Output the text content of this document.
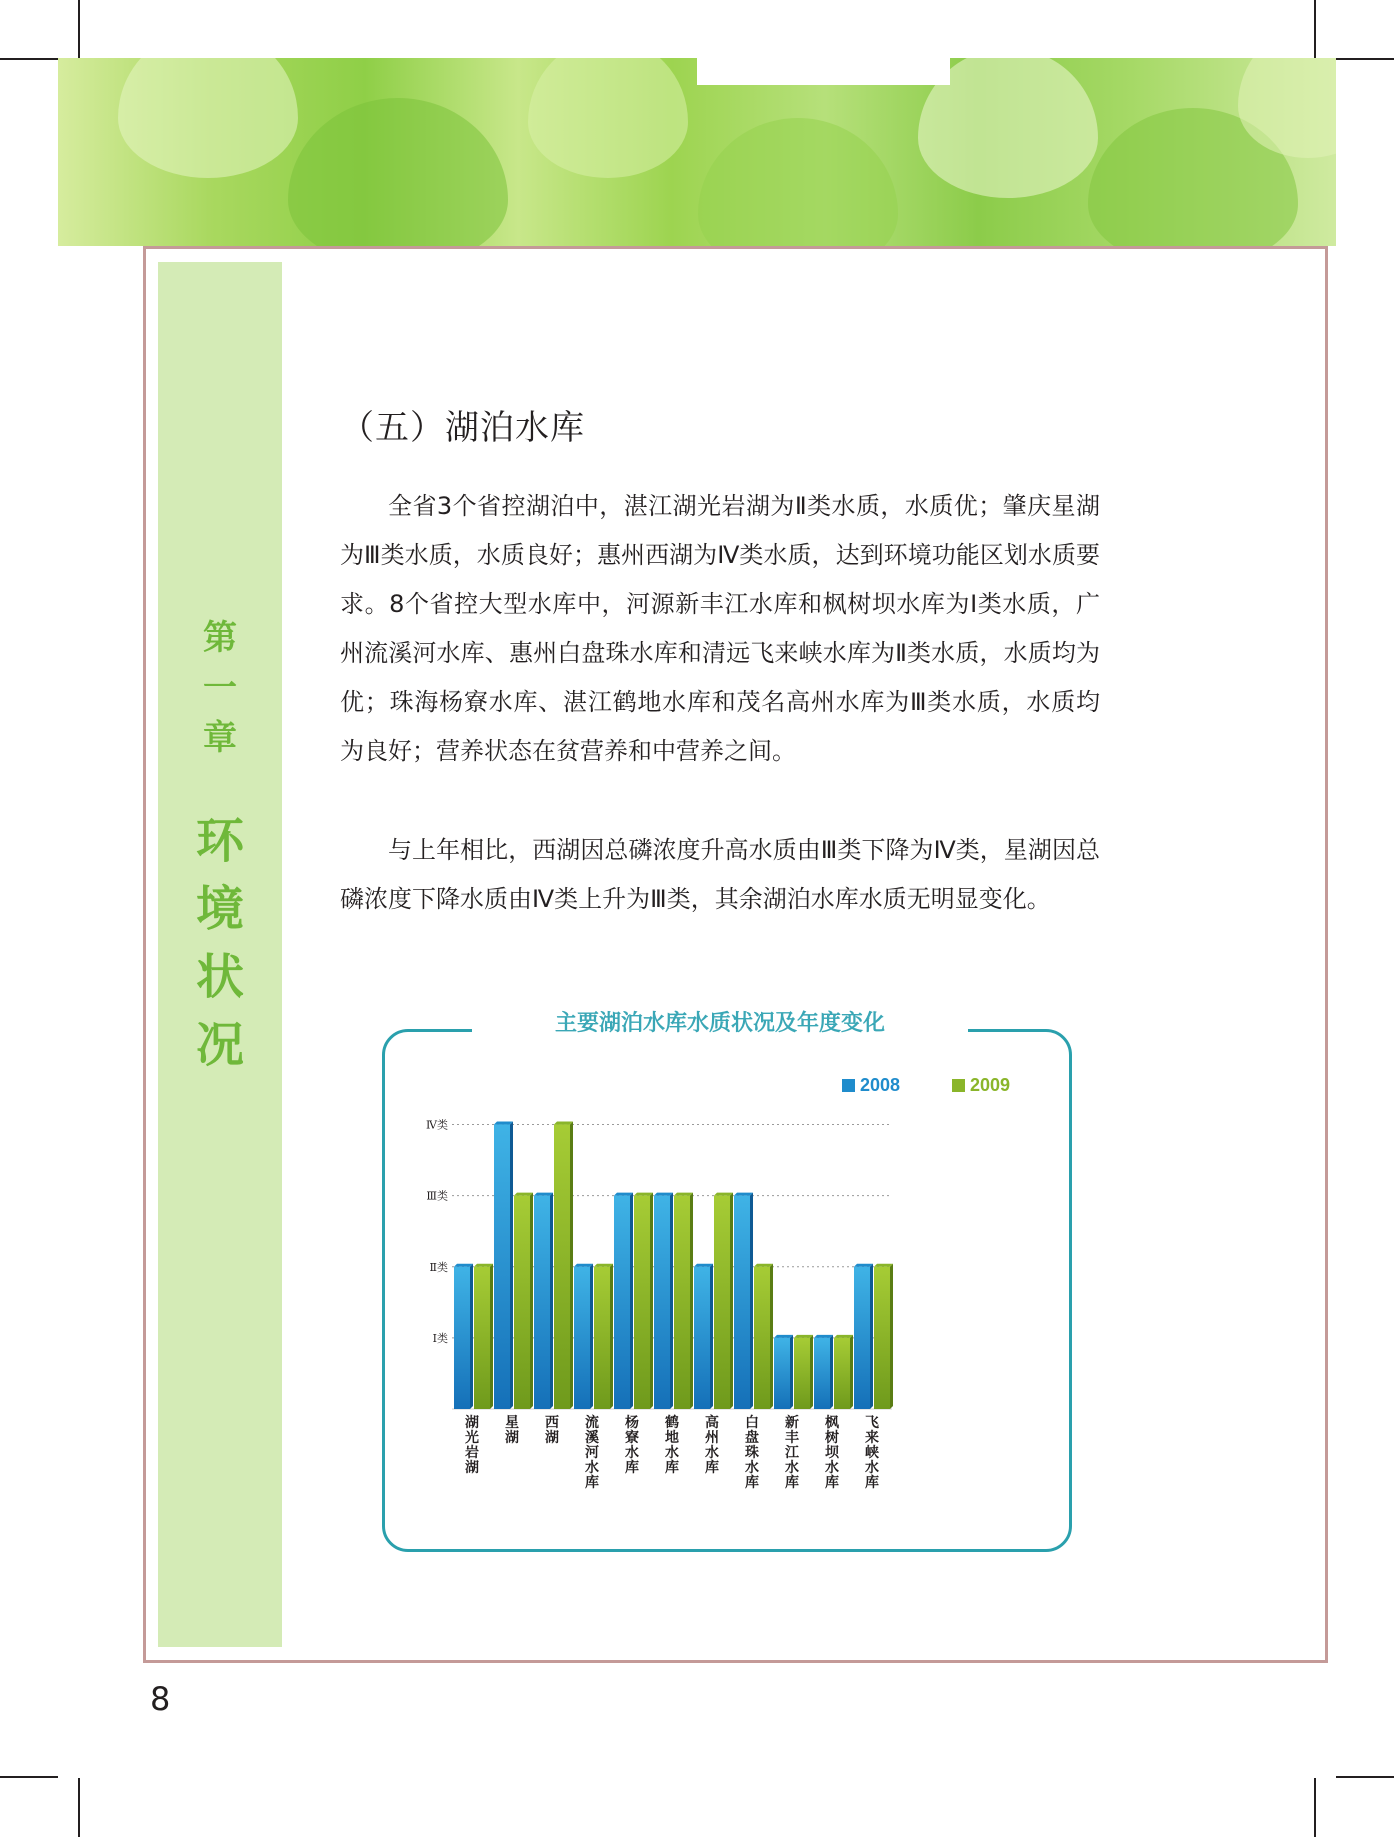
第
一
章
环
境
状
况
（五）湖泊水库

全省3个省控湖泊中，湛江湖光岩湖为Ⅱ类水质，水质优；肇庆星湖为Ⅲ类水质，水质良好；惠州西湖为Ⅳ类水质，达到环境功能区划水质要求。8个省控大型水库中，河源新丰江水库和枫树坝水库为Ⅰ类水质，广州流溪河水库、惠州白盘珠水库和清远飞来峡水库为Ⅱ类水质，水质均为优；珠海杨寮水库、湛江鹤地水库和茂名高州水库为Ⅲ类水质，水质均为良好；营养状态在贫营养和中营养之间。

与上年相比，西湖因总磷浓度升高水质由Ⅲ类下降为Ⅳ类，星湖因总磷浓度下降水质由Ⅳ类上升为Ⅲ类，其余湖泊水库水质无明显变化。

主要湖泊水库水质状况及年度变化
Ⅰ类
Ⅱ类
Ⅲ类
Ⅳ类
湖
光
岩
湖
星
湖
西
湖
流
溪
河
水
库
杨
寮
水
库
鹤
地
水
库
高
州
水
库
白
盘
珠
水
库
新
丰
江
水
库
枫
树
坝
水
库
飞
来
峡
水
库
2008	2009
8
